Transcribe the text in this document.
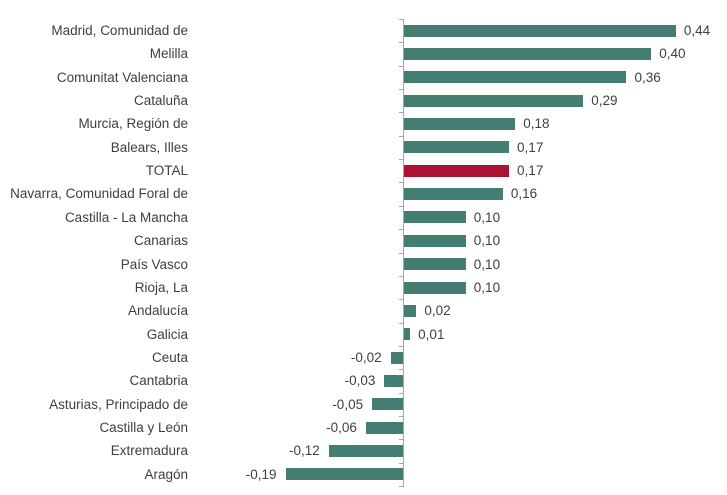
Madrid, Comunidad de	0,44
Melilla	0,40
Comunitat Valenciana	0,36
Cataluña	0,29
Murcia, Región de	0,18
Balears, Illes	0,17
TOTAL	0,17
Navarra, Comunidad Foral de	0,16
Castilla - La Mancha	0,10
Canarias	0,10
País Vasco	0,10
Rioja, La	0,10
Andalucía	0,02
Galicia	0,01
Ceuta	-0,02
Cantabria	-0,03
Asturias, Principado de	-0,05
Castilla y León	-0,06
Extremadura	-0,12
Aragón	-0,19
